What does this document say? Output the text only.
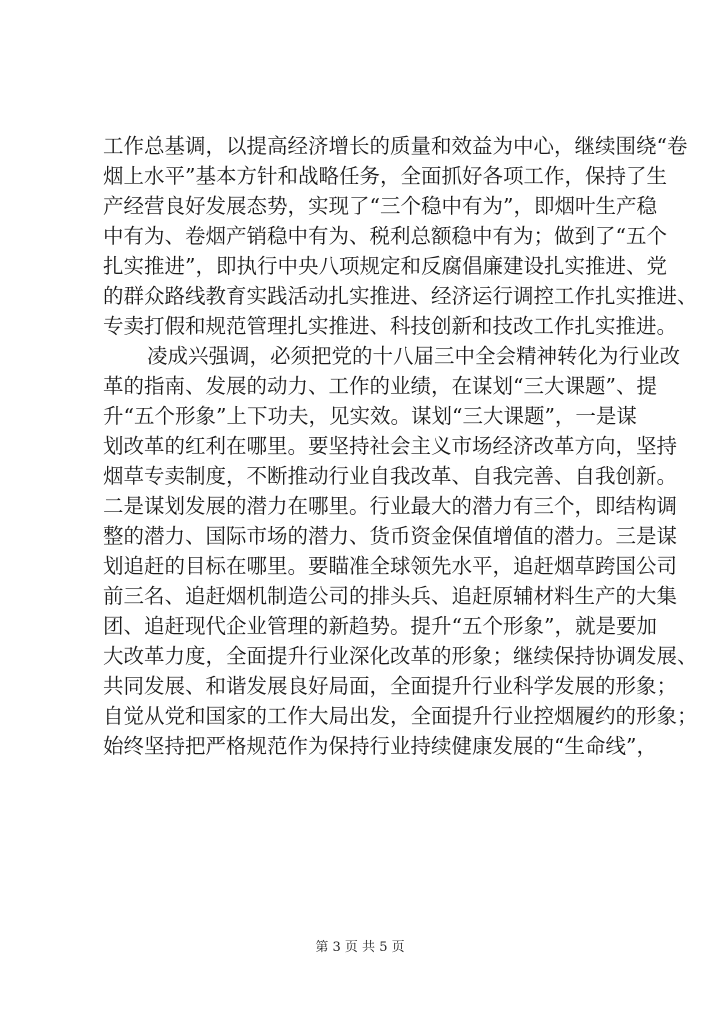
工作总基调，以提高经济增长的质量和效益为中心，继续围绕“卷
烟上水平”基本方针和战略任务，全面抓好各项工作，保持了生
产经营良好发展态势，实现了“三个稳中有为”，即烟叶生产稳
中有为、卷烟产销稳中有为、税利总额稳中有为；做到了“五个
扎实推进”，即执行中央八项规定和反腐倡廉建设扎实推进、党
的群众路线教育实践活动扎实推进、经济运行调控工作扎实推进、
专卖打假和规范管理扎实推进、科技创新和技改工作扎实推进。
凌成兴强调，必须把党的十八届三中全会精神转化为行业改
革的指南、发展的动力、工作的业绩，在谋划“三大课题”、提
升“五个形象”上下功夫，见实效。谋划“三大课题”，一是谋
划改革的红利在哪里。要坚持社会主义市场经济改革方向，坚持
烟草专卖制度，不断推动行业自我改革、自我完善、自我创新。
二是谋划发展的潜力在哪里。行业最大的潜力有三个，即结构调
整的潜力、国际市场的潜力、货币资金保值增值的潜力。三是谋
划追赶的目标在哪里。要瞄准全球领先水平，追赶烟草跨国公司
前三名、追赶烟机制造公司的排头兵、追赶原辅材料生产的大集
团、追赶现代企业管理的新趋势。提升“五个形象”，就是要加
大改革力度，全面提升行业深化改革的形象；继续保持协调发展、
共同发展、和谐发展良好局面，全面提升行业科学发展的形象；
自觉从党和国家的工作大局出发，全面提升行业控烟履约的形象；
始终坚持把严格规范作为保持行业持续健康发展的“生命线”，
第 3 页 共 5 页
